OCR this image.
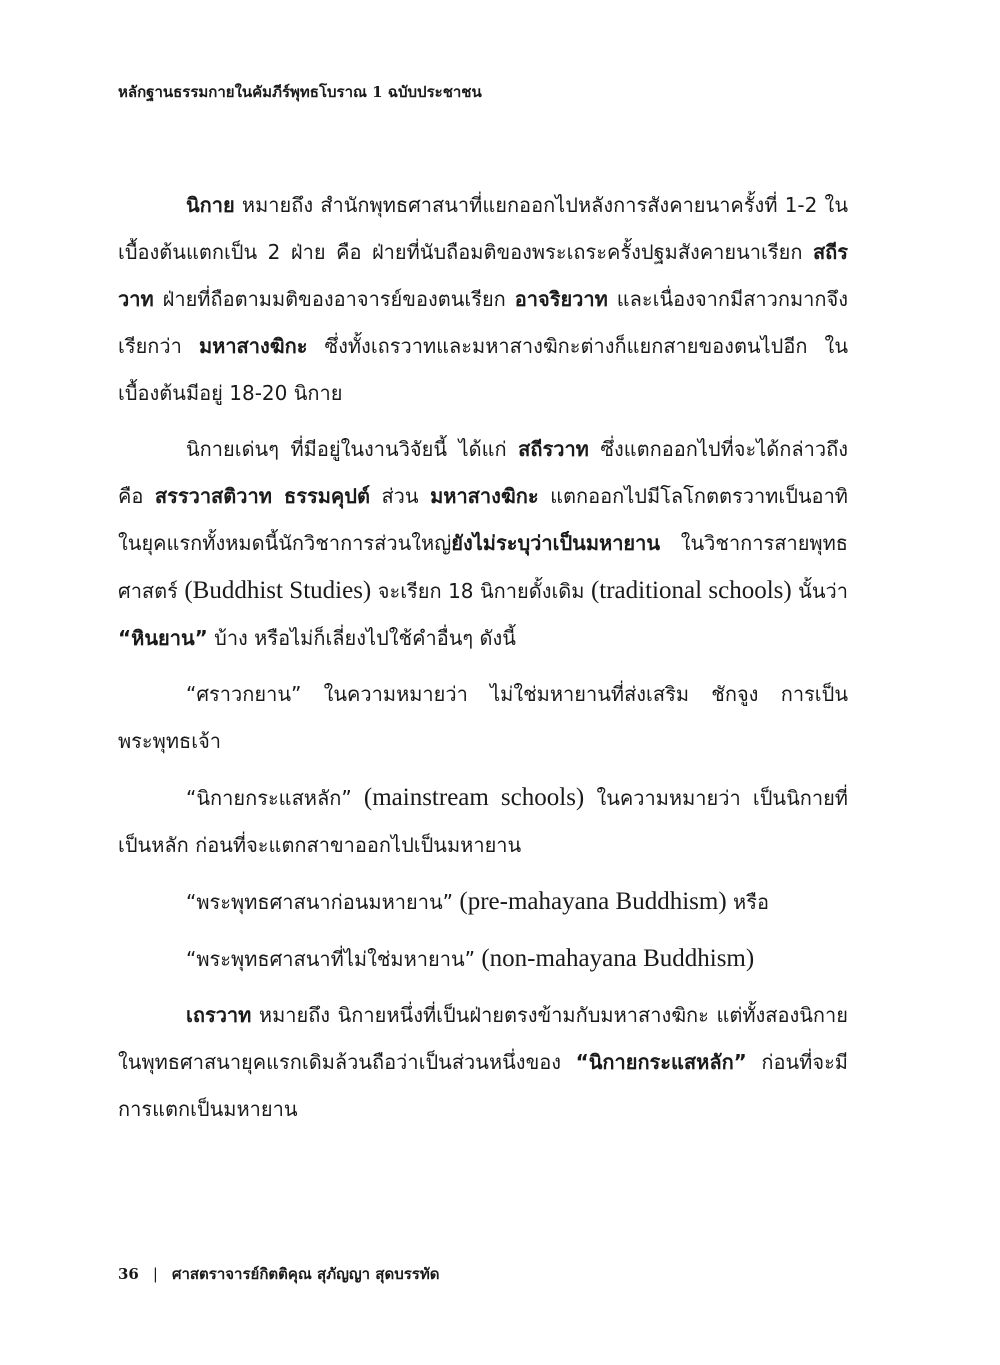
หลักฐานธรรมกายในคัมภีร์พุทธโบราณ 1 ฉบับประชาชน

นิกาย หมายถึง สำนักพุทธศาสนาที่แยกออกไปหลังการสังคายนาครั้งที่ 1-2 ในเบื้องต้นแตกเป็น 2 ฝ่าย คือ ฝ่ายที่นับถือมติของพระเถระครั้งปฐมสังคายนาเรียก สถีรวาท ฝ่ายที่ถือตามมติของอาจารย์ของตนเรียก อาจริยวาท และเนื่องจากมีสาวกมากจึงเรียกว่า มหาสางฆิกะ ซึ่งทั้งเถรวาทและมหาสางฆิกะต่างก็แยกสายของตนไปอีก ในเบื้องต้นมีอยู่ 18-20 นิกาย

นิกายเด่นๆ ที่มีอยู่ในงานวิจัยนี้ ได้แก่ สถีรวาท ซึ่งแตกออกไปที่จะได้กล่าวถึงคือ สรรวาสติวาท ธรรมคุปต์ ส่วน มหาสางฆิกะ แตกออกไปมีโลโกตตรวาทเป็นอาทิ ในยุคแรกทั้งหมดนี้นักวิชาการส่วนใหญ่ยังไม่ระบุว่าเป็นมหายาน ในวิชาการสายพุทธศาสตร์ (Buddhist Studies) จะเรียก 18 นิกายดั้งเดิม (traditional schools) นั้นว่า “หินยาน” บ้าง หรือไม่ก็เลี่ยงไปใช้คำอื่นๆ ดังนี้

“ศราวกยาน” ในความหมายว่า ไม่ใช่มหายานที่ส่งเสริม ชักจูง การเป็นพระพุทธเจ้า

“นิกายกระแสหลัก” (mainstream schools) ในความหมายว่า เป็นนิกายที่เป็นหลัก ก่อนที่จะแตกสาขาออกไปเป็นมหายาน

“พระพุทธศาสนาก่อนมหายาน” (pre-mahayana Buddhism) หรือ

“พระพุทธศาสนาที่ไม่ใช่มหายาน” (non-mahayana Buddhism)

เถรวาท หมายถึง นิกายหนึ่งที่เป็นฝ่ายตรงข้ามกับมหาสางฆิกะ แต่ทั้งสองนิกายในพุทธศาสนายุคแรกเดิมล้วนถือว่าเป็นส่วนหนึ่งของ “นิกายกระแสหลัก” ก่อนที่จะมีการแตกเป็นมหายาน

36 | ศาสตราจารย์กิตติคุณ สุภัญญา สุดบรรทัด
